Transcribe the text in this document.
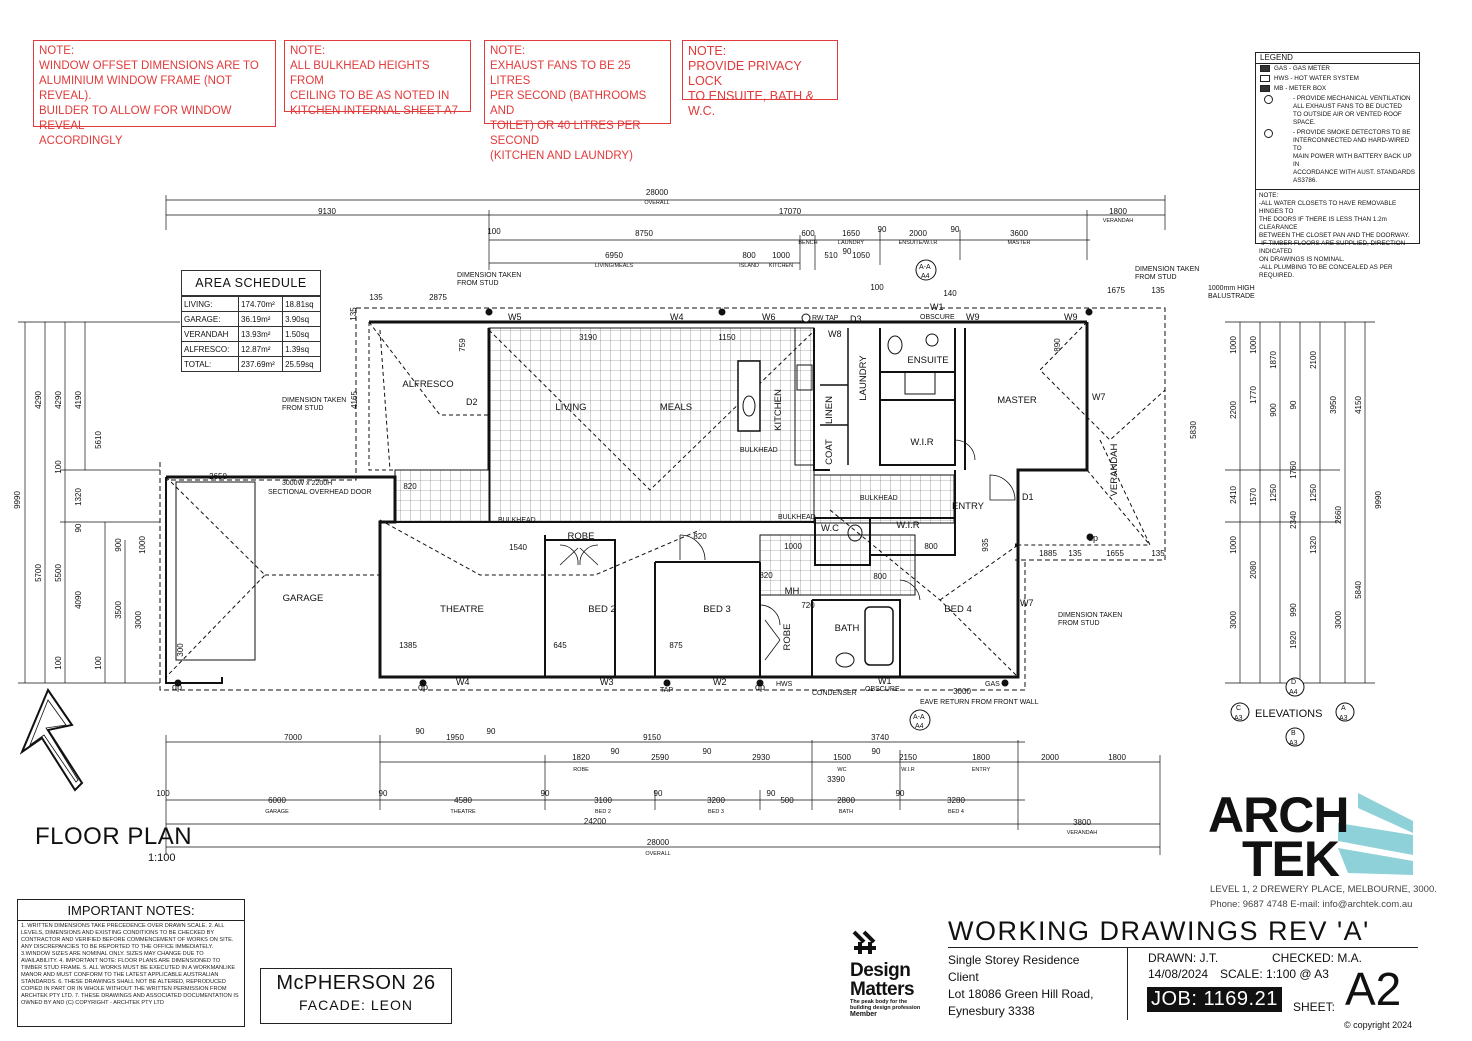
NOTE:
WINDOW OFFSET DIMENSIONS ARE TO
ALUMINIUM WINDOW FRAME (NOT REVEAL).
BUILDER TO ALLOW FOR WINDOW REVEAL
ACCORDINGLY
NOTE:
ALL BULKHEAD HEIGHTS FROM
CEILING TO BE AS NOTED IN
KITCHEN INTERNAL SHEET A7
NOTE:
EXHAUST FANS TO BE 25 LITRES
PER SECOND (BATHROOMS AND
TOILET) OR 40 LITRES PER SECOND
(KITCHEN AND LAUNDRY)
NOTE:
PROVIDE PRIVACY LOCK
TO ENSUITE, BATH & W.C.
LEGEND
GAS - GAS METER
HWS - HOT WATER SYSTEM
MB - METER BOX
- PROVIDE MECHANICAL VENTILATION
ALL EXHAUST FANS TO BE DUCTED
TO OUTSIDE AIR OR VENTED ROOF SPACE.
- PROVIDE SMOKE DETECTORS TO BE
INTERCONNECTED AND HARD-WIRED TO
MAIN POWER WITH BATTERY BACK UP IN
ACCORDANCE WITH AUST. STANDARDS
AS3786.
NOTE:
-ALL WATER CLOSETS TO HAVE REMOVABLE HINGES TO
THE DOORS IF THERE IS LESS THAN 1.2m CLEARANCE
BETWEEN THE CLOSET PAN AND THE DOORWAY.
-IF TIMBER FLOORS ARE SUPPLIED, DIRECTION INDICATED
ON DRAWINGS IS NOMINAL.
-ALL PLUMBING TO BE CONCEALED AS PER REQUIRED.
AREA SCHEDULE
LIVING:	174.70m²	18.81sq
GARAGE:	36.19m²	3.90sq
VERANDAH	13.93m²	1.50sq
ALFRESCO:	12.87m²	1.39sq
TOTAL:	237.69m²	25.59sq
ALFRESCO
LIVING	MEALS
LAUNDRY
KITCHEN	LINEN
COAT
ENSUITE
MASTER
VERANDAH
W.I.R
ENTRY
W.C	W.I.R
GARAGE
THEATRE	BED 2	BED 3	BED 4
BATH
ROBE
ROBE
MH
DIMENSION TAKEN
FROM STUD
DIMENSION TAKEN
FROM STUD
DIMENSION TAKEN
FROM STUD
DIMENSION TAKEN
FROM STUD
3000W x 2200H
SECTIONAL OVERHEAD DOOR
1000mm HIGH
BALUSTRADE
EAVE RETURN FROM FRONT WALL
CONDENSER
OBSCURE
OBSCURE
RW TAP
TAP
HWS	GAS
BULKHEAD
BULKHEAD
BULKHEAD	BULKHEAD
D1
D2
D3
W2
W3
W4
W4
W5	W6
W7
W7
W8
W9	W9
W1
W1
dp	dp	dp
dp
ELEVATIONS
C
A3
A
A3
D
A4
B
A3
A-A
A4
A-A
A4
28000
OVERALL
9130	17070	1800
VERANDAH
100	8750	600
BENCH
1650
LAUNDRY
90	2000
ENSUITE/W.I.R
90	3600
MASTER
6950
LIVING/MEALS
800
ISLAND
1000
KITCHEN
510 90 1050
7000
90
1950
90
9150	3740
1820
ROBE
90
2590
90
2930	1500
WC
90
2150
W.I.R
1800
ENTRY
2000	1800
3390
100
6000
GARAGE
90
4580
THEATRE
90
3100
BED 2
90
3200
BED 3
90
500	2800
BATH
90
3280
BED 4
24200	3800
VERANDAH
28000
OVERALL
9990
4290 4290 4190
5610
100
1320
90
5700 5500
4090
3500
3000
1000
900
100	100
1000 1000
1870	2100
2200
1770
900 90	3950 4150
5830
2410 1570 1250
1760
1250	9990
2340
1320
2660
5840
1000
2080
990
3000
1920
3000
2875
135
135
1675	135
100
140
3190	1150
759	890
4165
2650
820
1540
820
1000	800	935
1885 135	1655	135
1385	645	875
820
720
800
3000
300
FLOOR PLAN
1:100
IMPORTANT NOTES:
1. WRITTEN DIMENSIONS TAKE PRECEDENCE OVER DRAWN SCALE. 2. ALL LEVELS, DIMENSIONS AND EXISTING CONDITIONS TO BE CHECKED BY CONTRACTOR AND VERIFIED BEFORE COMMENCEMENT OF WORKS ON SITE. ANY DISCREPANCIES TO BE REPORTED TO THE OFFICE IMMEDIATELY. 3.WINDOW SIZES ARE NOMINAL ONLY. SIZES MAY CHANGE DUE TO AVAILABILITY. 4. IMPORTANT NOTE: FLOOR PLANS ARE DIMENSIONED TO TIMBER STUD FRAME. 5. ALL WORKS MUST BE EXECUTED IN A WORKMANLIKE MANOR AND MUST CONFORM TO THE LATEST APPLICABLE AUSTRALIAN STANDARDS. 6. THESE DRAWINGS SHALL NOT BE ALTERED, REPRODUCED COPIED IN PART OR IN WHOLE WITHOUT THE WRITTEN PERMISSION FROM ARCHTEK PTY LTD. 7. THESE DRAWINGS AND ASSOCIATED DOCUMENTATION IS OWNED BY AND (C) COPYRIGHT - ARCHTEK PTY LTD
McPHERSON 26
FACADE: LEON
ARCH
TEK
LEVEL 1, 2 DREWERY PLACE, MELBOURNE, 3000.
Phone: 9687 4748 E-mail: info@archtek.com.au
Design
Matters
The peak body for the
building design profession
Member
WORKING DRAWINGS REV 'A'
Single Storey Residence
Client
Lot 18086 Green Hill Road,
Eynesbury 3338
DRAWN: J.T.	CHECKED: M.A.
14/08/2024 SCALE: 1:100 @ A3
JOB: 1169.21	SHEET: A2
© copyright 2024
